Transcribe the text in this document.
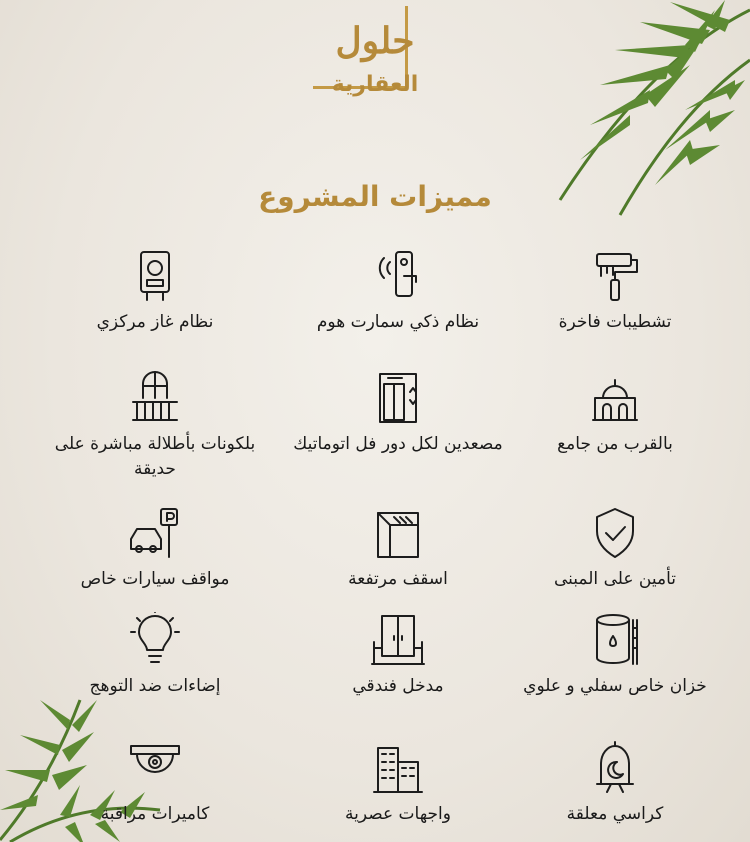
حلول
العقارية
مميزات المشروع
تشطيبات فاخرة
نظام ذكي سمارت هوم
نظام غاز مركزي
بالقرب من جامع
مصعدين لكل دور فل اتوماتيك
بلكونات بأطلالة مباشرة على حديقة
تأمين على المبنى
اسقف مرتفعة
مواقف سيارات خاص
خزان خاص سفلي و علوي
مدخل فندقي
إضاءات ضد التوهج
كراسي معلقة
واجهات عصرية
كاميرات مراقبة
